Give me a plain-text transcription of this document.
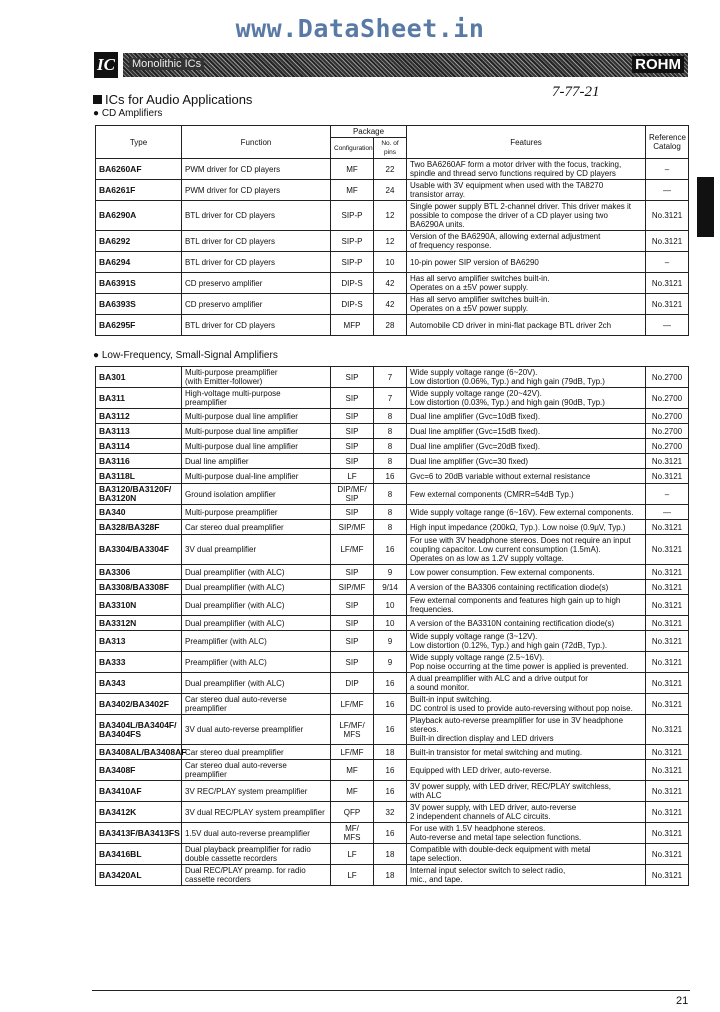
www.DataSheet.in
IC Monolithic ICs	ROHM
7-77-21
ICs for Audio Applications
● CD Amplifiers
Type	Function	Package		Features	Reference Catalog
		Configuration	No. of pins		
BA6260AF	PWM driver for CD players	MF	22	Two BA6260AF form a motor driver with the focus, tracking,
spindle and thread servo functions required by CD players	–
BA6261F	PWM driver for CD players	MF	24	Usable with 3V equipment when used with the TA8270
transistor array.	—
BA6290A	BTL driver for CD players	SIP-P	12	Single power supply BTL 2-channel driver. This driver makes it
possible to compose the driver of a CD player using two
BA6290A units.	No.3121
BA6292	BTL driver for CD players	SIP-P	12	Version of the BA6290A, allowing external adjustment
of frequency response.	No.3121
BA6294	BTL driver for CD players	SIP-P	10	10-pin power SIP version of BA6290	–
BA6391S	CD preservo amplifier	DIP-S	42	Has all servo amplifier switches built-in.
Operates on a ±5V power supply.	No.3121
BA6393S	CD preservo amplifier	DIP-S	42	Has all servo amplifier switches built-in.
Operates on a ±5V power supply.	No.3121
BA6295F	BTL driver for CD players	MFP	28	Automobile CD driver in mini-flat package BTL driver 2ch	—
● Low-Frequency, Small-Signal Amplifiers
BA301	Multi-purpose preamplifier
(with Emitter-follower)	SIP	7	Wide supply voltage range (6~20V).
Low distortion (0.06%, Typ.) and high gain (79dB, Typ.)	No.2700
BA311	High-voltage multi-purpose
preamplifier	SIP	7	Wide supply voltage range (20~42V).
Low distortion (0.03%, Typ.) and high gain (90dB, Typ.)	No.2700
BA3112	Multi-purpose dual line amplifier	SIP	8	Dual line amplifier (Gvc=10dB fixed).	No.2700
BA3113	Multi-purpose dual line amplifier	SIP	8	Dual line amplifier (Gvc=15dB fixed).	No.2700
BA3114	Multi-purpose dual line amplifier	SIP	8	Dual line amplifier (Gvc=20dB fixed).	No.2700
BA3116	Dual line amplifier	SIP	8	Dual line amplifier (Gvc=30 fixed)	No.3121
BA3118L	Multi-purpose dual-line amplifier	LF	16	Gvc=6 to 20dB variable without external resistance	No.3121
BA3120/BA3120F/
BA3120N	Ground isolation amplifier	DIP/MF/
SIP	8	Few external components (CMRR=54dB Typ.)	–
BA340	Multi-purpose preamplifier	SIP	8	Wide supply voltage range (6~16V). Few external components.	—
BA328/BA328F	Car stereo dual preamplifier	SIP/MF	8	High input impedance (200kΩ, Typ.). Low noise (0.9μV, Typ.)	No.3121
BA3304/BA3304F	3V dual preamplifier	LF/MF	16	For use with 3V headphone stereos. Does not require an input
coupling capacitor. Low current consumption (1.5mA).
Operates on as low as 1.2V supply voltage.	No.3121
BA3306	Dual preamplifier (with ALC)	SIP	9	Low power consumption. Few external components.	No.3121
BA3308/BA3308F	Dual preamplifier (with ALC)	SIP/MF	9/14	A version of the BA3306 containing rectification diode(s)	No.3121
BA3310N	Dual preamplifier (with ALC)	SIP	10	Few external components and features high gain up to high
frequencies.	No.3121
BA3312N	Dual preamplifier (with ALC)	SIP	10	A version of the BA3310N containing rectification diode(s)	No.3121
BA313	Preamplifier (with ALC)	SIP	9	Wide supply voltage range (3~12V).
Low distortion (0.12%, Typ.) and high gain (72dB, Typ.).	No.3121
BA333	Preamplifier (with ALC)	SIP	9	Wide supply voltage range (2.5~16V).
Pop noise occurring at the time power is applied is prevented.	No.3121
BA343	Dual preamplifier (with ALC)	DIP	16	A dual preamplifier with ALC and a drive output for
a sound monitor.	No.3121
BA3402/BA3402F	Car stereo dual auto-reverse
preamplifier	LF/MF	16	Built-in input switching.
DC control is used to provide auto-reversing without pop noise.	No.3121
BA3404L/BA3404F/
BA3404FS	3V dual auto-reverse preamplifier	LF/MF/
MFS	16	Playback auto-reverse preamplifier for use in 3V headphone
stereos.
Built-in direction display and LED drivers	No.3121
BA3408AL/BA3408AF	Car stereo dual preamplifier	LF/MF	18	Built-in transistor for metal switching and muting.	No.3121
BA3408F	Car stereo dual auto-reverse
preamplifier	MF	16	Equipped with LED driver, auto-reverse.	No.3121
BA3410AF	3V REC/PLAY system preamplifier	MF	16	3V power supply, with LED driver, REC/PLAY switchless,
with ALC	No.3121
BA3412K	3V dual REC/PLAY system preamplifier	QFP	32	3V power supply, with LED driver, auto-reverse
2 independent channels of ALC circuits.	No.3121
BA3413F/BA3413FS	1.5V dual auto-reverse preamplifier	MF/
MFS	16	For use with 1.5V headphone stereos.
Auto-reverse and metal tape selection functions.	No.3121
BA3416BL	Dual playback preamplifier for radio
double cassette recorders	LF	18	Compatible with double-deck equipment with metal
tape selection.	No.3121
BA3420AL	Dual REC/PLAY preamp. for radio
cassette recorders	LF	18	Internal input selector switch to select radio,
mic., and tape.	No.3121
21
